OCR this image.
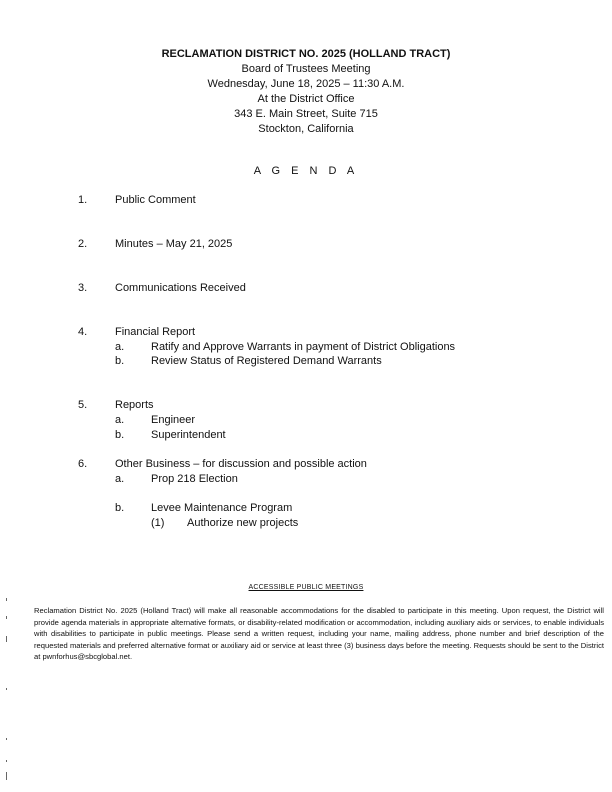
RECLAMATION DISTRICT NO. 2025 (HOLLAND TRACT)
Board of Trustees Meeting
Wednesday, June 18, 2025 – 11:30 A.M.
At the District Office
343 E. Main Street, Suite 715
Stockton, California
A G E N D A
1.	Public Comment
2.	Minutes – May 21, 2025
3.	Communications Received
4.	Financial Report
a. Ratify and Approve Warrants in payment of District Obligations
b. Review Status of Registered Demand Warrants
5.	Reports
a. Engineer
b. Superintendent
6.	Other Business – for discussion and possible action
a. Prop 218 Election
b. Levee Maintenance Program
(1) Authorize new projects
ACCESSIBLE PUBLIC MEETINGS
Reclamation District No. 2025 (Holland Tract) will make all reasonable accommodations for the disabled to participate in this meeting. Upon request, the District will provide agenda materials in appropriate alternative formats, or disability-related modification or accommodation, including auxiliary aids or services, to enable individuals with disabilities to participate in public meetings. Please send a written request, including your name, mailing address, phone number and brief description of the requested materials and preferred alternative format or auxiliary aid or service at least three (3) business days before the meeting. Requests should be sent to the District at pwnforhus@sbcglobal.net.
